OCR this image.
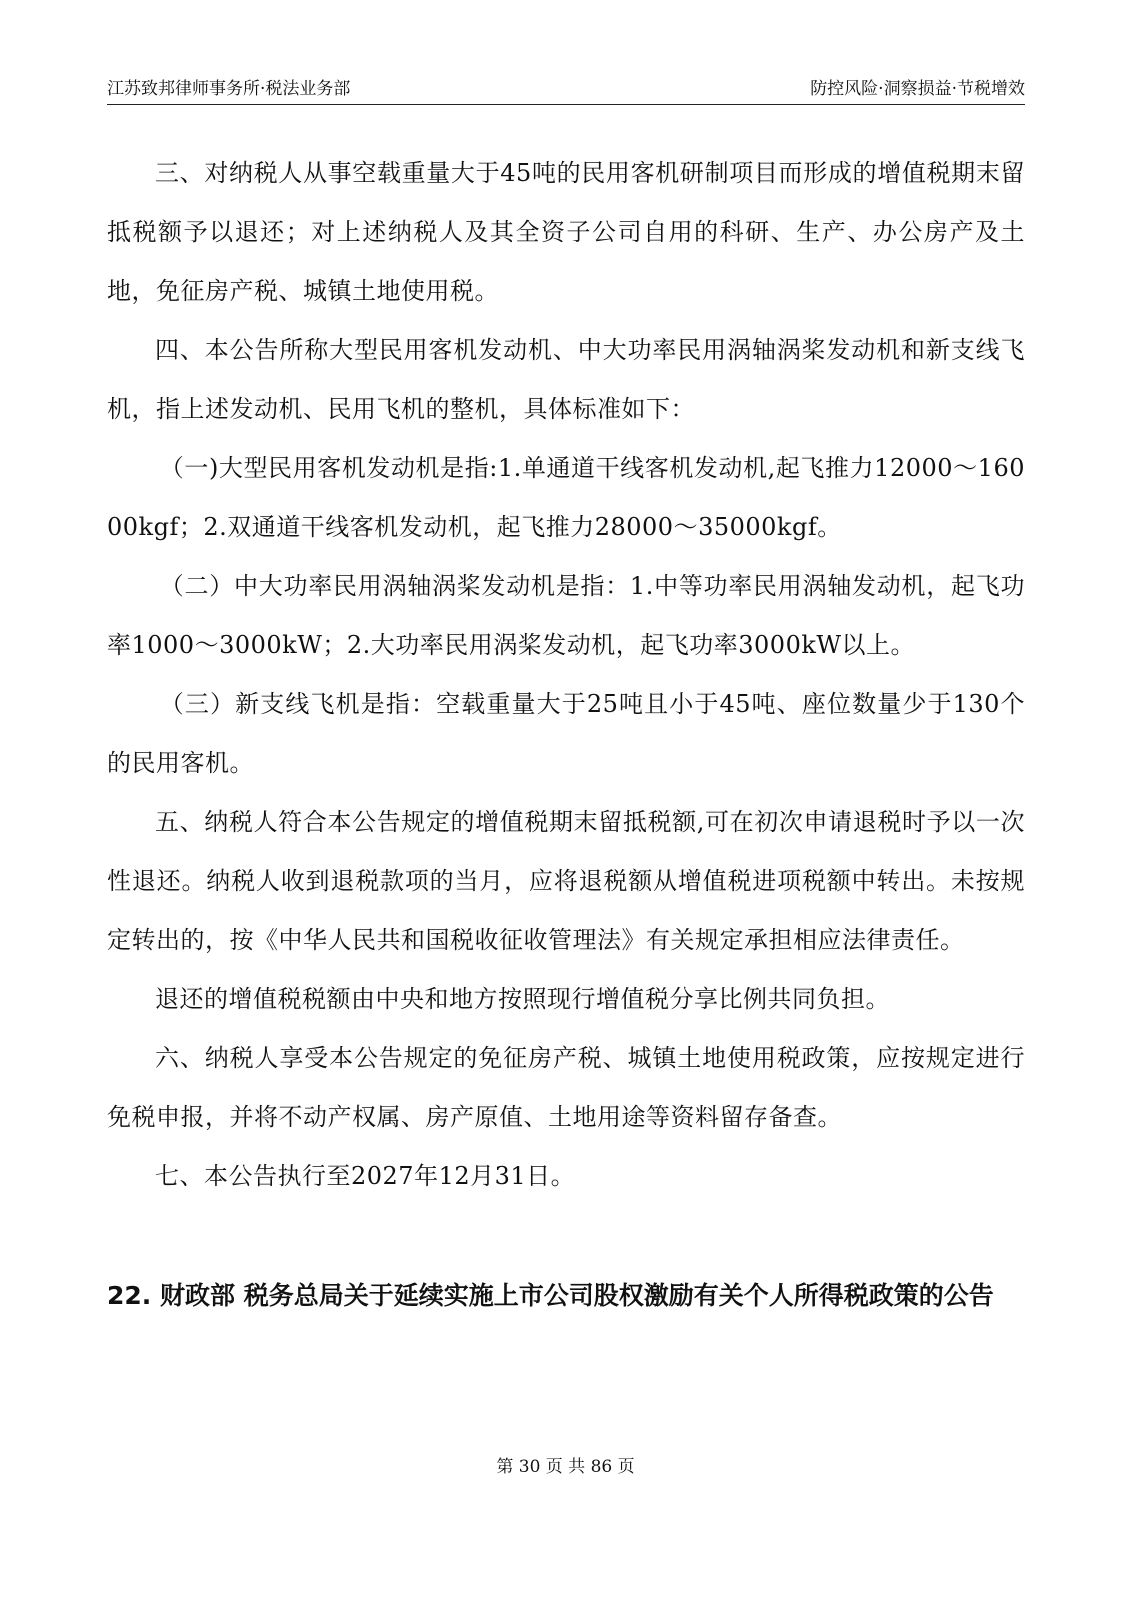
江苏致邦律师事务所·税法业务部	防控风险·洞察损益·节税增效

三、对纳税人从事空载重量大于45吨的民用客机研制项目而形成的增值税期末留抵税额予以退还；对上述纳税人及其全资子公司自用的科研、生产、办公房产及土地，免征房产税、城镇土地使用税。

四、本公告所称大型民用客机发动机、中大功率民用涡轴涡桨发动机和新支线飞机，指上述发动机、民用飞机的整机，具体标准如下：

（一)大型民用客机发动机是指:1.单通道干线客机发动机,起飞推力12000～16000kgf；2.双通道干线客机发动机，起飞推力28000～35000kgf。

（二）中大功率民用涡轴涡桨发动机是指：1.中等功率民用涡轴发动机，起飞功率1000～3000kW；2.大功率民用涡桨发动机，起飞功率3000kW以上。

（三）新支线飞机是指：空载重量大于25吨且小于45吨、座位数量少于130个的民用客机。

五、纳税人符合本公告规定的增值税期末留抵税额,可在初次申请退税时予以一次性退还。纳税人收到退税款项的当月，应将退税额从增值税进项税额中转出。未按规定转出的，按《中华人民共和国税收征收管理法》有关规定承担相应法律责任。

退还的增值税税额由中央和地方按照现行增值税分享比例共同负担。

六、纳税人享受本公告规定的免征房产税、城镇土地使用税政策，应按规定进行免税申报，并将不动产权属、房产原值、土地用途等资料留存备查。

七、本公告执行至2027年12月31日。

22. 财政部 税务总局关于延续实施上市公司股权激励有关个人所得税政策的公告
第 30 页 共 86 页
